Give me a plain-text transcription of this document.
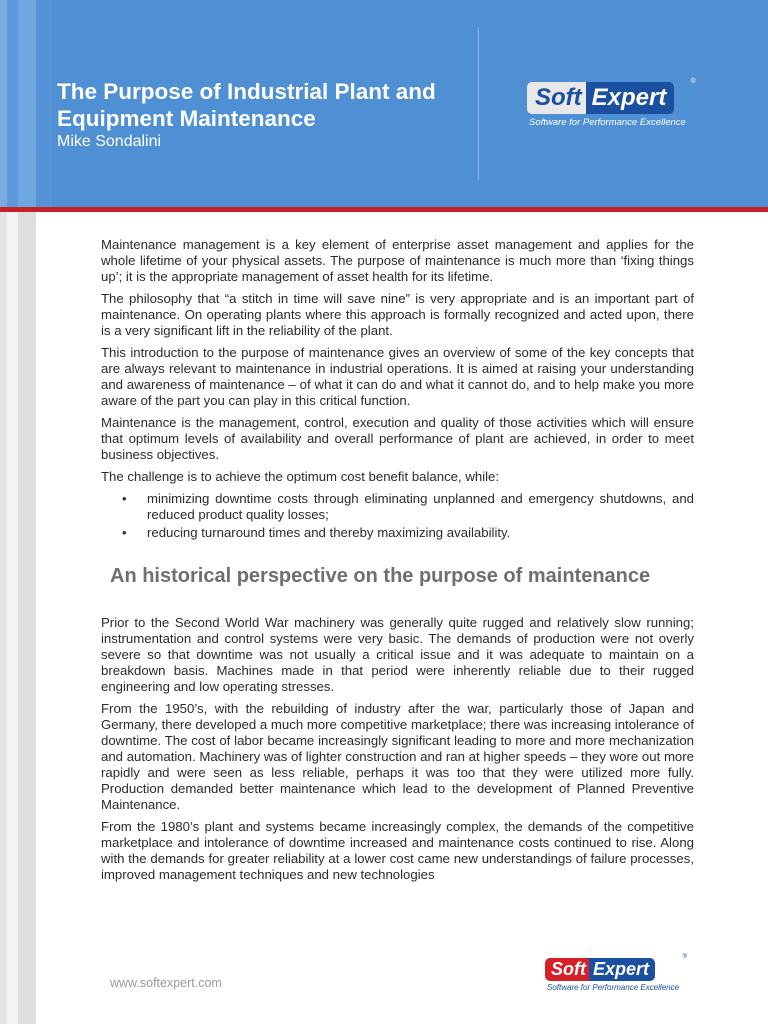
The Purpose of Industrial Plant and Equipment Maintenance
Mike Sondalini
Soft Expert
®
Software for Performance Excellence

Maintenance management is a key element of enterprise asset management and applies for the whole lifetime of your physical assets. The purpose of maintenance is much more than ‘fixing things up’; it is the appropriate management of asset health for its lifetime.

The philosophy that “a stitch in time will save nine” is very appropriate and is an important part of maintenance. On operating plants where this approach is formally recognized and acted upon, there is a very significant lift in the reliability of the plant.

This introduction to the purpose of maintenance gives an overview of some of the key concepts that are always relevant to maintenance in industrial operations. It is aimed at raising your understanding and awareness of maintenance – of what it can do and what it cannot do, and to help make you more aware of the part you can play in this critical function.

Maintenance is the management, control, execution and quality of those activities which will ensure that optimum levels of availability and overall performance of plant are achieved, in order to meet business objectives.

The challenge is to achieve the optimum cost benefit balance, while:

• minimizing downtime costs through eliminating unplanned and emergency shutdowns, and reduced product quality losses;
• reducing turnaround times and thereby maximizing availability.
An historical perspective on the purpose of maintenance

Prior to the Second World War machinery was generally quite rugged and relatively slow running; instrumentation and control systems were very basic. The demands of production were not overly severe so that downtime was not usually a critical issue and it was adequate to maintain on a breakdown basis. Machines made in that period were inherently reliable due to their rugged engineering and low operating stresses.

From the 1950’s, with the rebuilding of industry after the war, particularly those of Japan and Germany, there developed a much more competitive marketplace; there was increasing intolerance of downtime. The cost of labor became increasingly significant leading to more and more mechanization and automation. Machinery was of lighter construction and ran at higher speeds – they wore out more rapidly and were seen as less reliable, perhaps it was too that they were utilized more fully. Production demanded better maintenance which lead to the development of Planned Preventive Maintenance.

From the 1980’s plant and systems became increasingly complex, the demands of the competitive marketplace and intolerance of downtime increased and maintenance costs continued to rise. Along with the demands for greater reliability at a lower cost came new understandings of failure processes, improved management techniques and new technologies

www.softexpert.com
Soft Expert
®
Software for Performance Excellence
